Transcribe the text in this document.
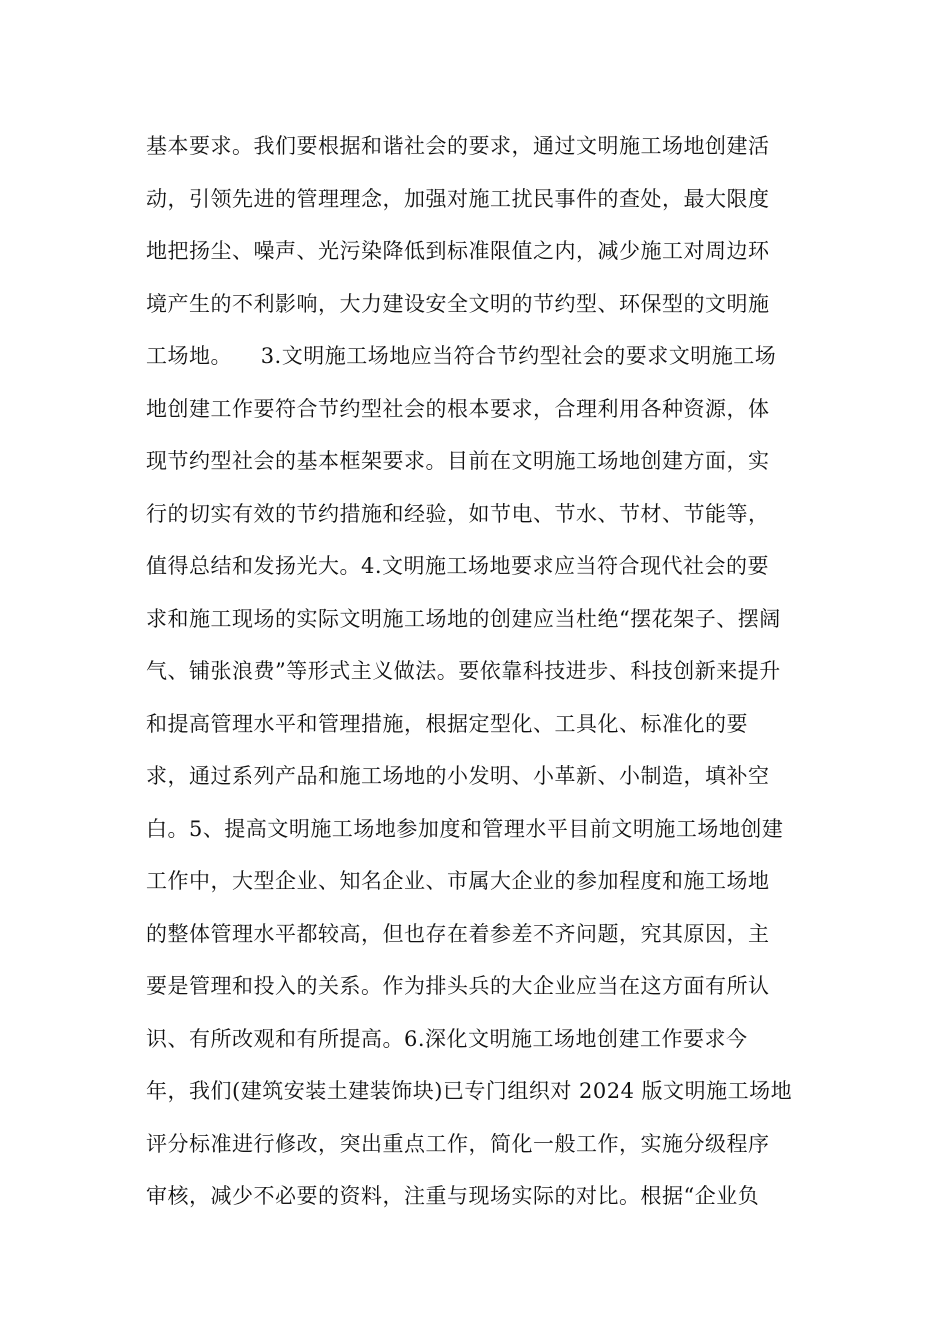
基本要求。我们要根据和谐社会的要求，通过文明施工场地创建活
动，引领先进的管理理念，加强对施工扰民事件的查处，最大限度
地把扬尘、噪声、光污染降低到标准限值之内，减少施工对周边环
境产生的不利影响，大力建设安全文明的节约型、环保型的文明施
工场地。    3.文明施工场地应当符合节约型社会的要求文明施工场
地创建工作要符合节约型社会的根本要求，合理利用各种资源，体
现节约型社会的基本框架要求。目前在文明施工场地创建方面，实
行的切实有效的节约措施和经验，如节电、节水、节材、节能等，
值得总结和发扬光大。4.文明施工场地要求应当符合现代社会的要
求和施工现场的实际文明施工场地的创建应当杜绝“摆花架子、摆阔
气、铺张浪费”等形式主义做法。要依靠科技进步、科技创新来提升
和提高管理水平和管理措施，根据定型化、工具化、标准化的要
求，通过系列产品和施工场地的小发明、小革新、小制造，填补空
白。5、提高文明施工场地参加度和管理水平目前文明施工场地创建
工作中，大型企业、知名企业、市属大企业的参加程度和施工场地
的整体管理水平都较高，但也存在着参差不齐问题，究其原因，主
要是管理和投入的关系。作为排头兵的大企业应当在这方面有所认
识、有所改观和有所提高。6.深化文明施工场地创建工作要求今
年，我们(建筑安装土建装饰块)已专门组织对 2024 版文明施工场地
评分标准进行修改，突出重点工作，简化一般工作，实施分级程序
审核，减少不必要的资料，注重与现场实际的对比。根据“企业负
